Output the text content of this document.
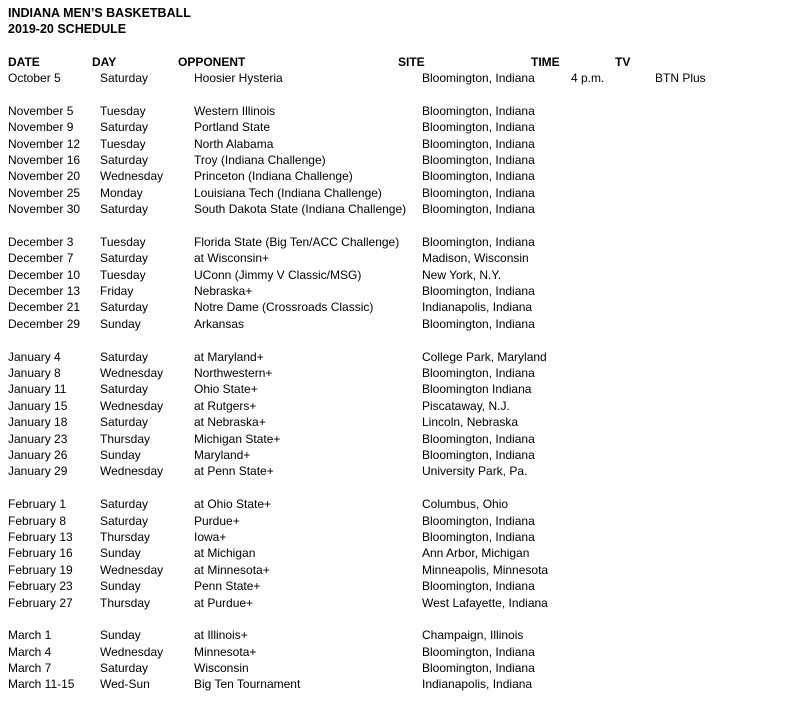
INDIANA MEN’S BASKETBALL
2019-20 SCHEDULE
DATE	DAY	OPPONENT	SITE	TIME	TV
October 5	Saturday	Hoosier Hysteria	Bloomington, Indiana	4 p.m.	BTN Plus
November 5 Tuesday	Western Illinois	Bloomington, Indiana
November 9 Saturday	Portland State	Bloomington, Indiana
November 12 Tuesday	North Alabama	Bloomington, Indiana
November 16 Saturday	Troy (Indiana Challenge)	Bloomington, Indiana
November 20 Wednesday	Princeton (Indiana Challenge)	Bloomington, Indiana
November 25 Monday	Louisiana Tech (Indiana Challenge)	Bloomington, Indiana
November 30 Saturday	South Dakota State (Indiana Challenge) Bloomington, Indiana
December 3 Tuesday	Florida State (Big Ten/ACC Challenge) Bloomington, Indiana
December 7 Saturday	at Wisconsin+	Madison, Wisconsin
December 10 Tuesday	UConn (Jimmy V Classic/MSG)	New York, N.Y.
December 13 Friday	Nebraska+	Bloomington, Indiana
December 21 Saturday	Notre Dame (Crossroads Classic)	Indianapolis, Indiana
December 29 Sunday	Arkansas	Bloomington, Indiana
January 4	Saturday	at Maryland+	College Park, Maryland
January 8	Wednesday	Northwestern+	Bloomington, Indiana
January 11	Saturday	Ohio State+	Bloomington Indiana
January 15	Wednesday	at Rutgers+	Piscataway, N.J.
January 18	Saturday	at Nebraska+	Lincoln, Nebraska
January 23	Thursday	Michigan State+	Bloomington, Indiana
January 26	Sunday	Maryland+	Bloomington, Indiana
January 29	Wednesday	at Penn State+	University Park, Pa.
February 1	Saturday	at Ohio State+	Columbus, Ohio
February 8	Saturday	Purdue+	Bloomington, Indiana
February 13 Thursday	Iowa+	Bloomington, Indiana
February 16 Sunday	at Michigan	Ann Arbor, Michigan
February 19 Wednesday	at Minnesota+	Minneapolis, Minnesota
February 23 Sunday	Penn State+	Bloomington, Indiana
February 27 Thursday	at Purdue+	West Lafayette, Indiana
March 1	Sunday	at Illinois+	Champaign, Illinois
March 4	Wednesday	Minnesota+	Bloomington, Indiana
March 7	Saturday	Wisconsin	Bloomington, Indiana
March 11-15 Wed-Sun	Big Ten Tournament	Indianapolis, Indiana
